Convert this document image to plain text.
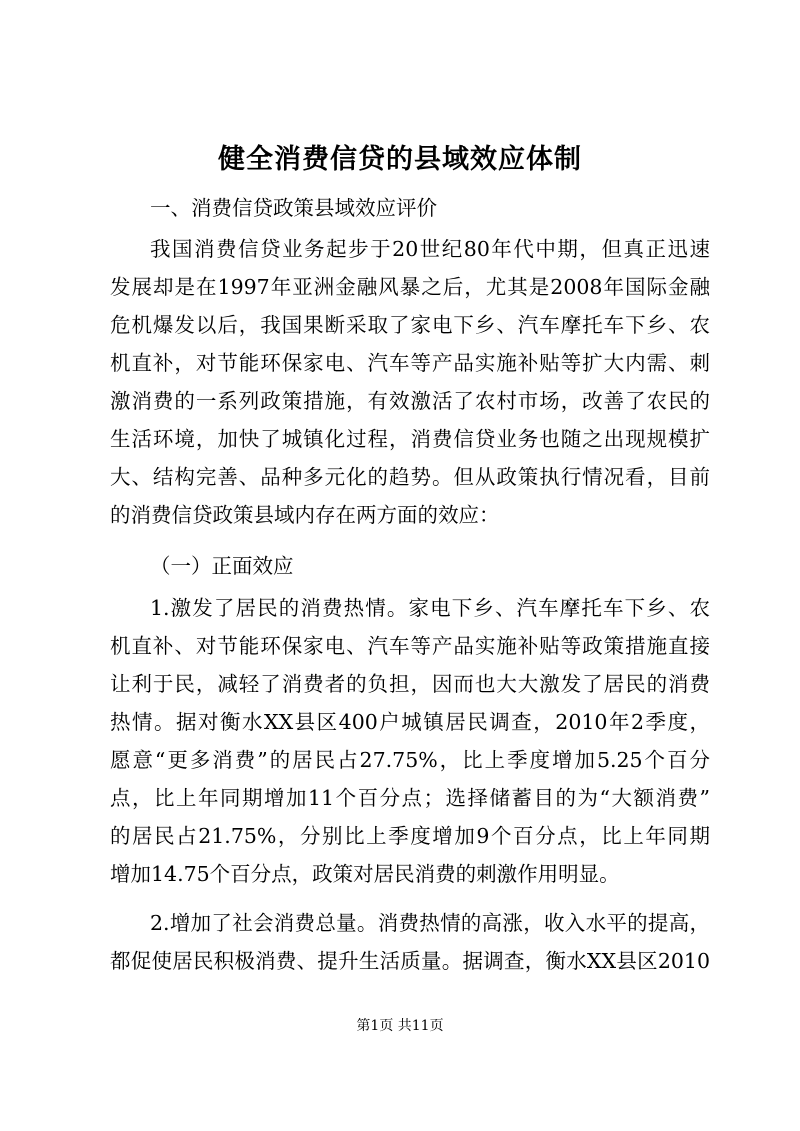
健全消费信贷的县域效应体制
一、消费信贷政策县域效应评价
我国消费信贷业务起步于20世纪80年代中期，但真正迅速
发展却是在1997年亚洲金融风暴之后，尤其是2008年国际金融
危机爆发以后，我国果断采取了家电下乡、汽车摩托车下乡、农
机直补，对节能环保家电、汽车等产品实施补贴等扩大内需、刺
激消费的一系列政策措施，有效激活了农村市场，改善了农民的
生活环境，加快了城镇化过程，消费信贷业务也随之出现规模扩
大、结构完善、品种多元化的趋势。但从政策执行情况看，目前
的消费信贷政策县域内存在两方面的效应：
（一）正面效应
1.激发了居民的消费热情。家电下乡、汽车摩托车下乡、农
机直补、对节能环保家电、汽车等产品实施补贴等政策措施直接
让利于民，减轻了消费者的负担，因而也大大激发了居民的消费
热情。据对衡水XX县区400户城镇居民调查，2010年2季度，
愿意“更多消费”的居民占27.75%，比上季度增加5.25个百分
点，比上年同期增加11个百分点；选择储蓄目的为“大额消费”
的居民占21.75%，分别比上季度增加9个百分点，比上年同期
增加14.75个百分点，政策对居民消费的刺激作用明显。
2.增加了社会消费总量。消费热情的高涨，收入水平的提高，
都促使居民积极消费、提升生活质量。据调查，衡水XX县区2010
第1页 共11页
